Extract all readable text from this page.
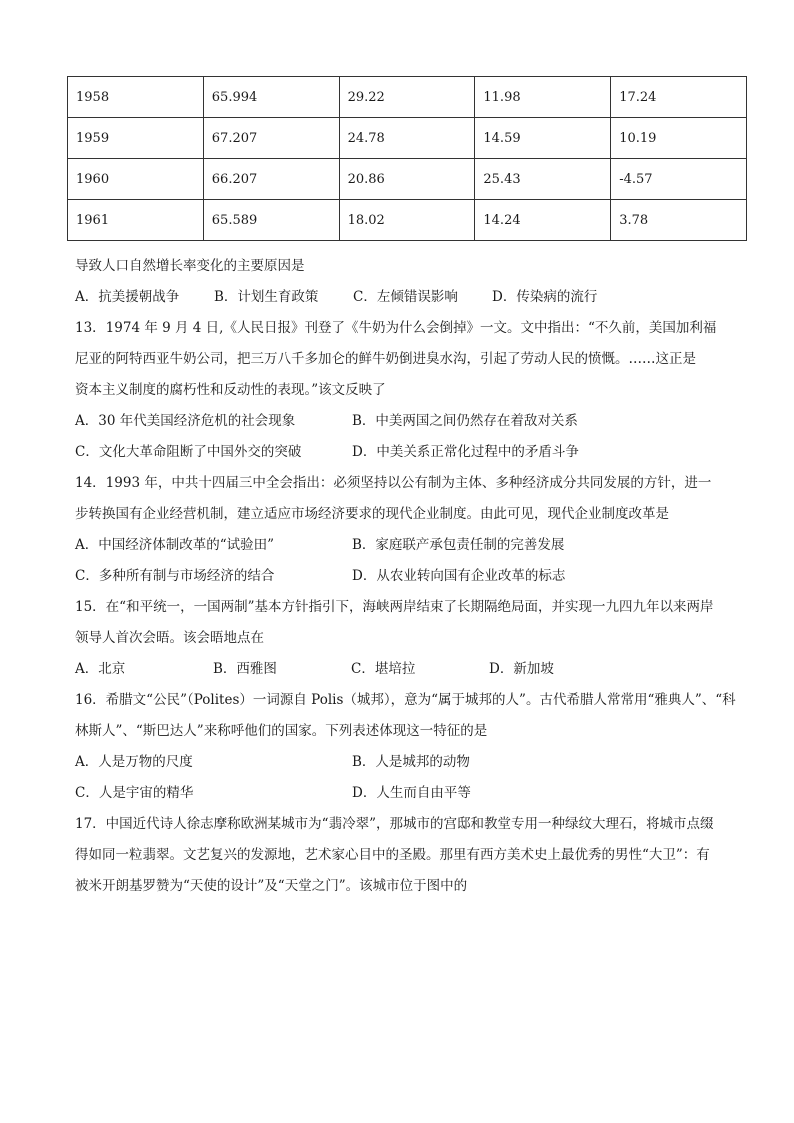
1958	65.994	29.22	11.98	17.24
1959	67.207	24.78	14.59	10.19
1960	66.207	20.86	25.43	-4.57
1961	65.589	18.02	14.24	3.78
导致人口自然增长率变化的主要原因是
A．抗美援朝战争	B．计划生育政策	C．左倾错误影响	D．传染病的流行
13．1974 年 9 月 4 日,《人民日报》刊登了《牛奶为什么会倒掉》一文。文中指出：“不久前，美国加利福
尼亚的阿特西亚牛奶公司，把三万八千多加仑的鲜牛奶倒进臭水沟，引起了劳动人民的愤慨。……这正是
资本主义制度的腐朽性和反动性的表现。”该文反映了
A．30 年代美国经济危机的社会现象	B．中美两国之间仍然存在着敌对关系
C．文化大革命阻断了中国外交的突破	D．中美关系正常化过程中的矛盾斗争
14．1993 年，中共十四届三中全会指出：必须坚持以公有制为主体、多种经济成分共同发展的方针，进一
步转换国有企业经营机制，建立适应市场经济要求的现代企业制度。由此可见，现代企业制度改革是
A．中国经济体制改革的“试验田”	B．家庭联产承包责任制的完善发展
C．多种所有制与市场经济的结合	D．从农业转向国有企业改革的标志
15．在“和平统一，一国两制”基本方针指引下，海峡两岸结束了长期隔绝局面，并实现一九四九年以来两岸
领导人首次会晤。该会晤地点在
A．北京	B．西雅图	C．堪培拉	D．新加坡
16．希腊文“公民”（Polites）一词源自 Polis（城邦），意为“属于城邦的人”。古代希腊人常常用“雅典人”、“科
林斯人”、“斯巴达人”来称呼他们的国家。下列表述体现这一特征的是
A．人是万物的尺度	B．人是城邦的动物
C．人是宇宙的精华	D．人生而自由平等
17．中国近代诗人徐志摩称欧洲某城市为“翡冷翠”，那城市的宫邸和教堂专用一种绿纹大理石，将城市点缀
得如同一粒翡翠。文艺复兴的发源地，艺术家心目中的圣殿。那里有西方美术史上最优秀的男性“大卫”：有
被米开朗基罗赞为“天使的设计”及“天堂之门”。该城市位于图中的
